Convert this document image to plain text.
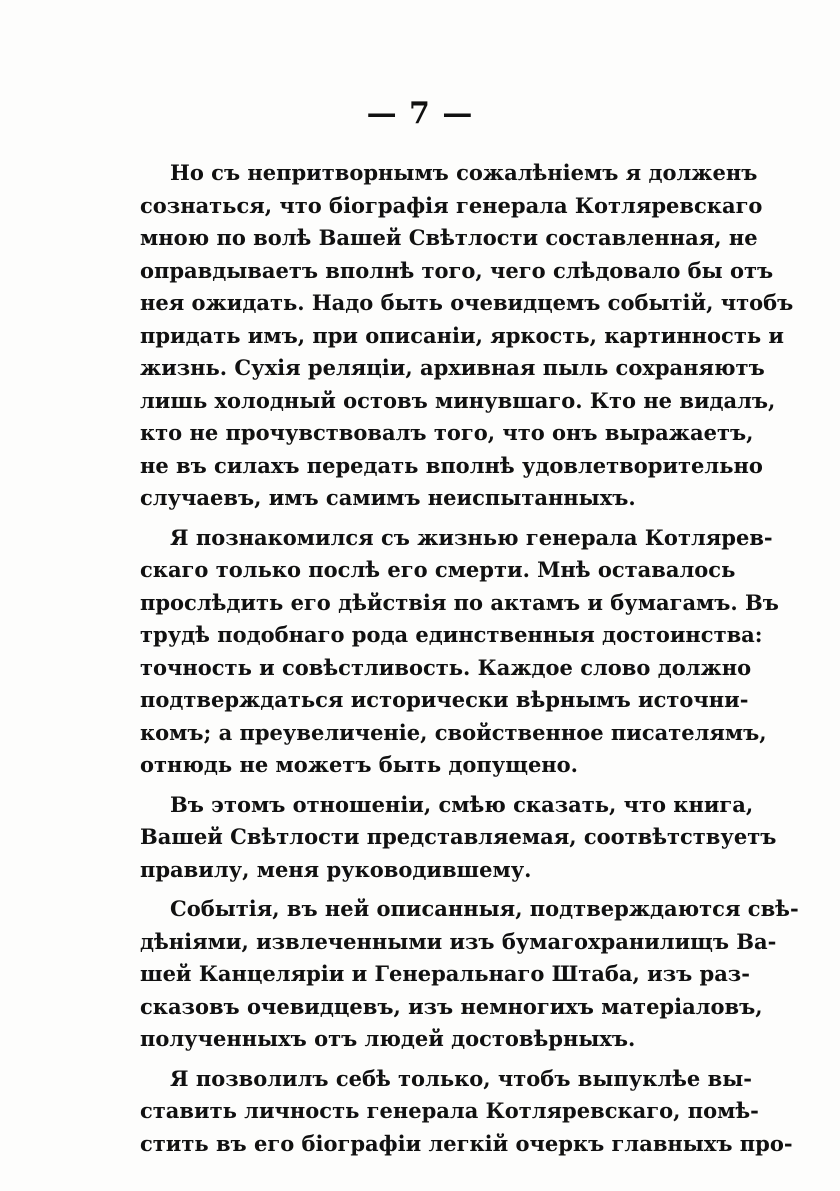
— 7 —
Но съ непритворнымъ сожалѣніемъ я долженъ
сознаться, что біографія генерала Котляревскаго
мною по волѣ Вашей Свѣтлости составленная, не
оправдываетъ вполнѣ того, чего слѣдовало бы отъ
нея ожидать. Надо быть очевидцемъ событій, чтобъ
придать имъ, при описаніи, яркость, картинность и
жизнь. Сухія реляціи, архивная пыль сохраняютъ
лишь холодный остовъ минувшаго. Кто не видалъ,
кто не прочувствовалъ того, что онъ выражаетъ,
не въ силахъ передать вполнѣ удовлетворительно
случаевъ, имъ самимъ неиспытанныхъ.
Я познакомился съ жизнью генерала Котлярев-
скаго только послѣ его смерти. Мнѣ оставалось
прослѣдить его дѣйствія по актамъ и бумагамъ. Въ
трудѣ подобнаго рода единственныя достоинства:
точность и совѣстливость. Каждое слово должно
подтверждаться исторически вѣрнымъ источни-
комъ; а преувеличеніе, свойственное писателямъ,
отнюдь не можетъ быть допущено.
Въ этомъ отношеніи, смѣю сказать, что книга,
Вашей Свѣтлости представляемая, соотвѣтствуетъ
правилу, меня руководившему.
Событія, въ ней описанныя, подтверждаются свѣ-
дѣніями, извлеченными изъ бумагохранилищъ Ва-
шей Канцеляріи и Генеральнаго Штаба, изъ раз-
сказовъ очевидцевъ, изъ немногихъ матеріаловъ,
полученныхъ отъ людей достовѣрныхъ.
Я позволилъ себѣ только, чтобъ выпуклѣе вы-
ставить личность генерала Котляревскаго, помѣ-
стить въ его біографіи легкій очеркъ главныхъ про-
